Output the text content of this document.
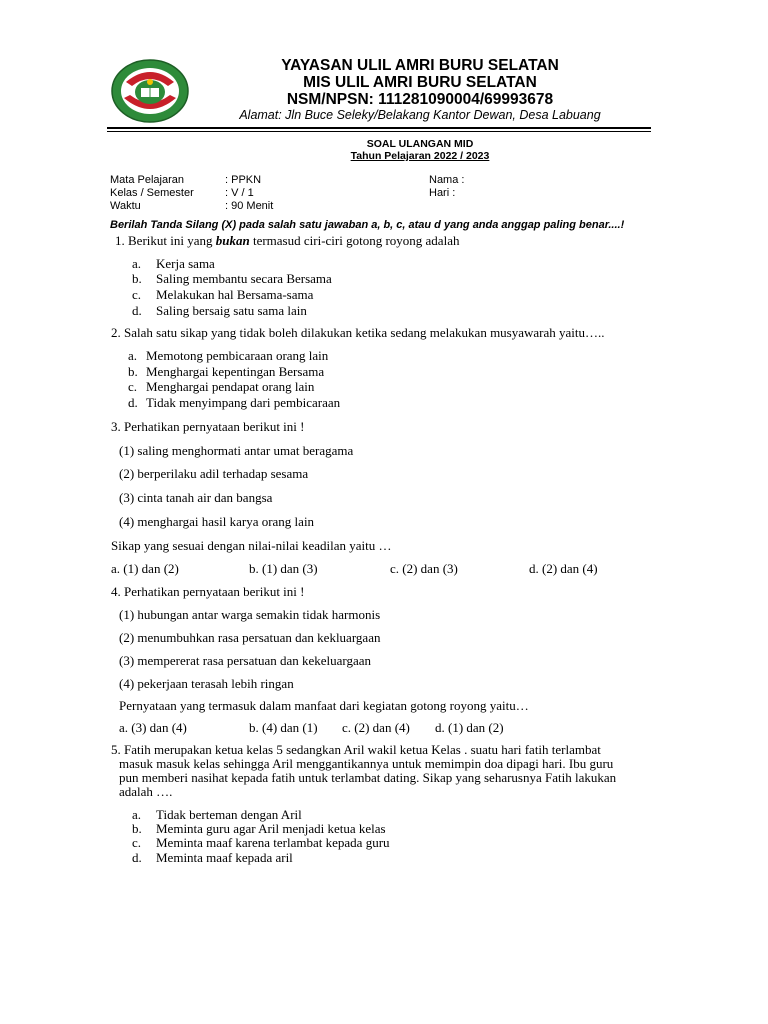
YAYASAN ULIL AMRI BURU SELATAN
MIS ULIL AMRI BURU SELATAN
NSM/NPSN: 111281090004/69993678
Alamat: Jln Buce Seleky/Belakang Kantor Dewan, Desa Labuang
SOAL ULANGAN MID
Tahun Pelajaran 2022 / 2023
Mata Pelajaran	: PPKN	Nama :
Kelas / Semester	: V / 1	Hari :
Waktu	: 90 Menit
Berilah Tanda Silang (X) pada salah satu jawaban a, b, c, atau d yang anda anggap paling benar....!
1. Berikut ini yang bukan termasud ciri-ciri gotong royong adalah
a. Kerja sama
b. Saling membantu secara Bersama
c. Melakukan hal Bersama-sama
d. Saling bersaig satu sama lain
2. Salah satu sikap yang tidak boleh dilakukan ketika sedang melakukan musyawarah yaitu…..
a. Memotong pembicaraan orang lain
b. Menghargai kepentingan Bersama
c. Menghargai pendapat orang lain
d. Tidak menyimpang dari pembicaraan
3. Perhatikan pernyataan berikut ini !
(1) saling menghormati antar umat beragama
(2) berperilaku adil terhadap sesama
(3) cinta tanah air dan bangsa
(4) menghargai hasil karya orang lain
Sikap yang sesuai dengan nilai-nilai keadilan yaitu …
a. (1) dan (2)	b. (1) dan (3)	c. (2) dan (3)	d. (2) dan (4)
4. Perhatikan pernyataan berikut ini !
(1) hubungan antar warga semakin tidak harmonis
(2) menumbuhkan rasa persatuan dan kekluargaan
(3) mempererat rasa persatuan dan kekeluargaan
(4) pekerjaan terasah lebih ringan
Pernyataan yang termasuk dalam manfaat dari kegiatan gotong royong yaitu…
a. (3) dan (4)	b. (4) dan (1) c. (2) dan (4) d. (1) dan (2)
5. Fatih merupakan ketua kelas 5 sedangkan Aril wakil ketua Kelas . suatu hari fatih terlambat
masuk masuk kelas sehingga Aril menggantikannya untuk memimpin doa dipagi hari. Ibu guru
pun memberi nasihat kepada fatih untuk terlambat dating. Sikap yang seharusnya Fatih lakukan
adalah ….
a. Tidak berteman dengan Aril
b. Meminta guru agar Aril menjadi ketua kelas
c. Meminta maaf karena terlambat kepada guru
d. Meminta maaf kepada aril
